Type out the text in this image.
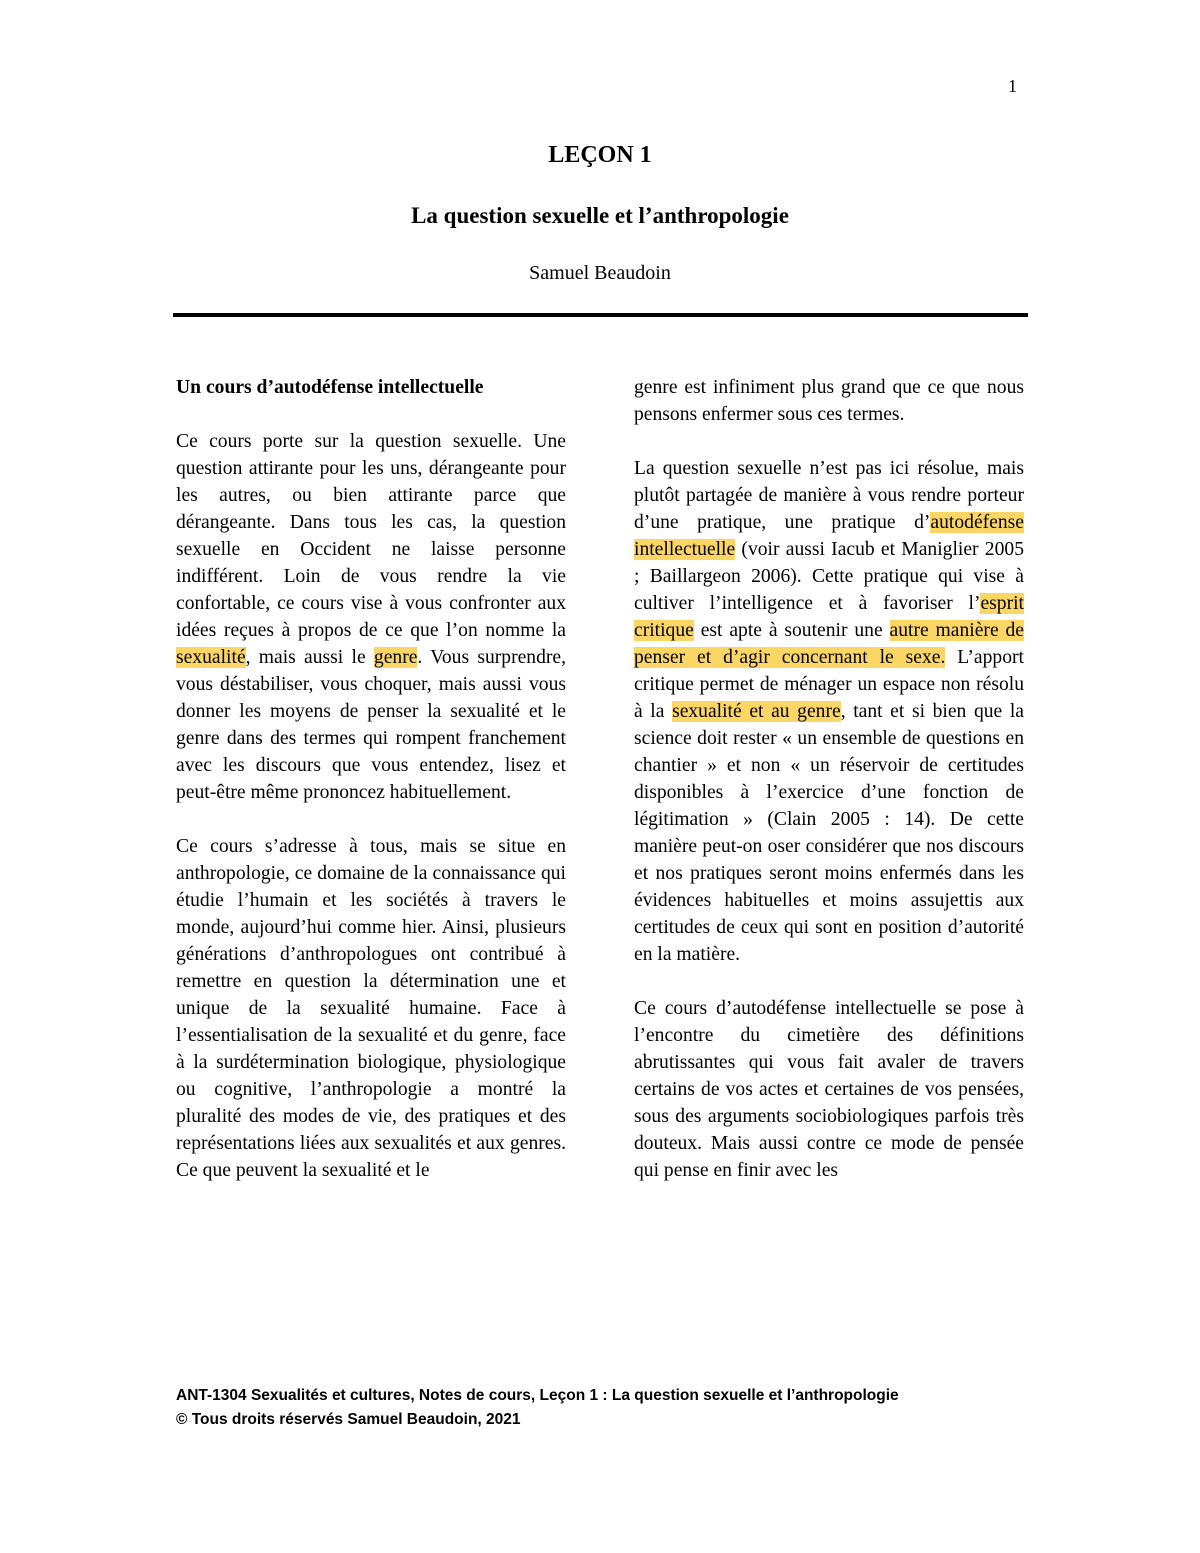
1
LEÇON 1
La question sexuelle et l’anthropologie
Samuel Beaudoin

Un cours d’autodéfense intellectuelle

Ce cours porte sur la question sexuelle. Une question attirante pour les uns, dérangeante pour les autres, ou bien attirante parce que dérangeante. Dans tous les cas, la question sexuelle en Occident ne laisse personne indifférent. Loin de vous rendre la vie confortable, ce cours vise à vous confronter aux idées reçues à propos de ce que l’on nomme la sexualité, mais aussi le genre. Vous surprendre, vous déstabiliser, vous choquer, mais aussi vous donner les moyens de penser la sexualité et le genre dans des termes qui rompent franchement avec les discours que vous entendez, lisez et peut-être même prononcez habituellement.

Ce cours s’adresse à tous, mais se situe en anthropologie, ce domaine de la connaissance qui étudie l’humain et les sociétés à travers le monde, aujourd’hui comme hier. Ainsi, plusieurs générations d’anthropologues ont contribué à remettre en question la détermination une et unique de la sexualité humaine. Face à l’essentialisation de la sexualité et du genre, face à la surdétermination biologique, physiologique ou cognitive, l’anthropologie a montré la pluralité des modes de vie, des pratiques et des représentations liées aux sexualités et aux genres. Ce que peuvent la sexualité et le

genre est infiniment plus grand que ce que nous pensons enfermer sous ces termes.

La question sexuelle n’est pas ici résolue, mais plutôt partagée de manière à vous rendre porteur d’une pratique, une pratique d’autodéfense intellectuelle (voir aussi Iacub et Maniglier 2005 ; Baillargeon 2006). Cette pratique qui vise à cultiver l’intelligence et à favoriser l’esprit critique est apte à soutenir une autre manière de penser et d’agir concernant le sexe. L’apport critique permet de ménager un espace non résolu à la sexualité et au genre, tant et si bien que la science doit rester « un ensemble de questions en chantier » et non « un réservoir de certitudes disponibles à l’exercice d’une fonction de légitimation » (Clain 2005 : 14). De cette manière peut-on oser considérer que nos discours et nos pratiques seront moins enfermés dans les évidences habituelles et moins assujettis aux certitudes de ceux qui sont en position d’autorité en la matière.

Ce cours d’autodéfense intellectuelle se pose à l’encontre du cimetière des définitions abrutissantes qui vous fait avaler de travers certains de vos actes et certaines de vos pensées, sous des arguments sociobiologiques parfois très douteux. Mais aussi contre ce mode de pensée qui pense en finir avec les

ANT-1304 Sexualités et cultures, Notes de cours, Leçon 1 : La question sexuelle et l’anthropologie
© Tous droits réservés Samuel Beaudoin, 2021
